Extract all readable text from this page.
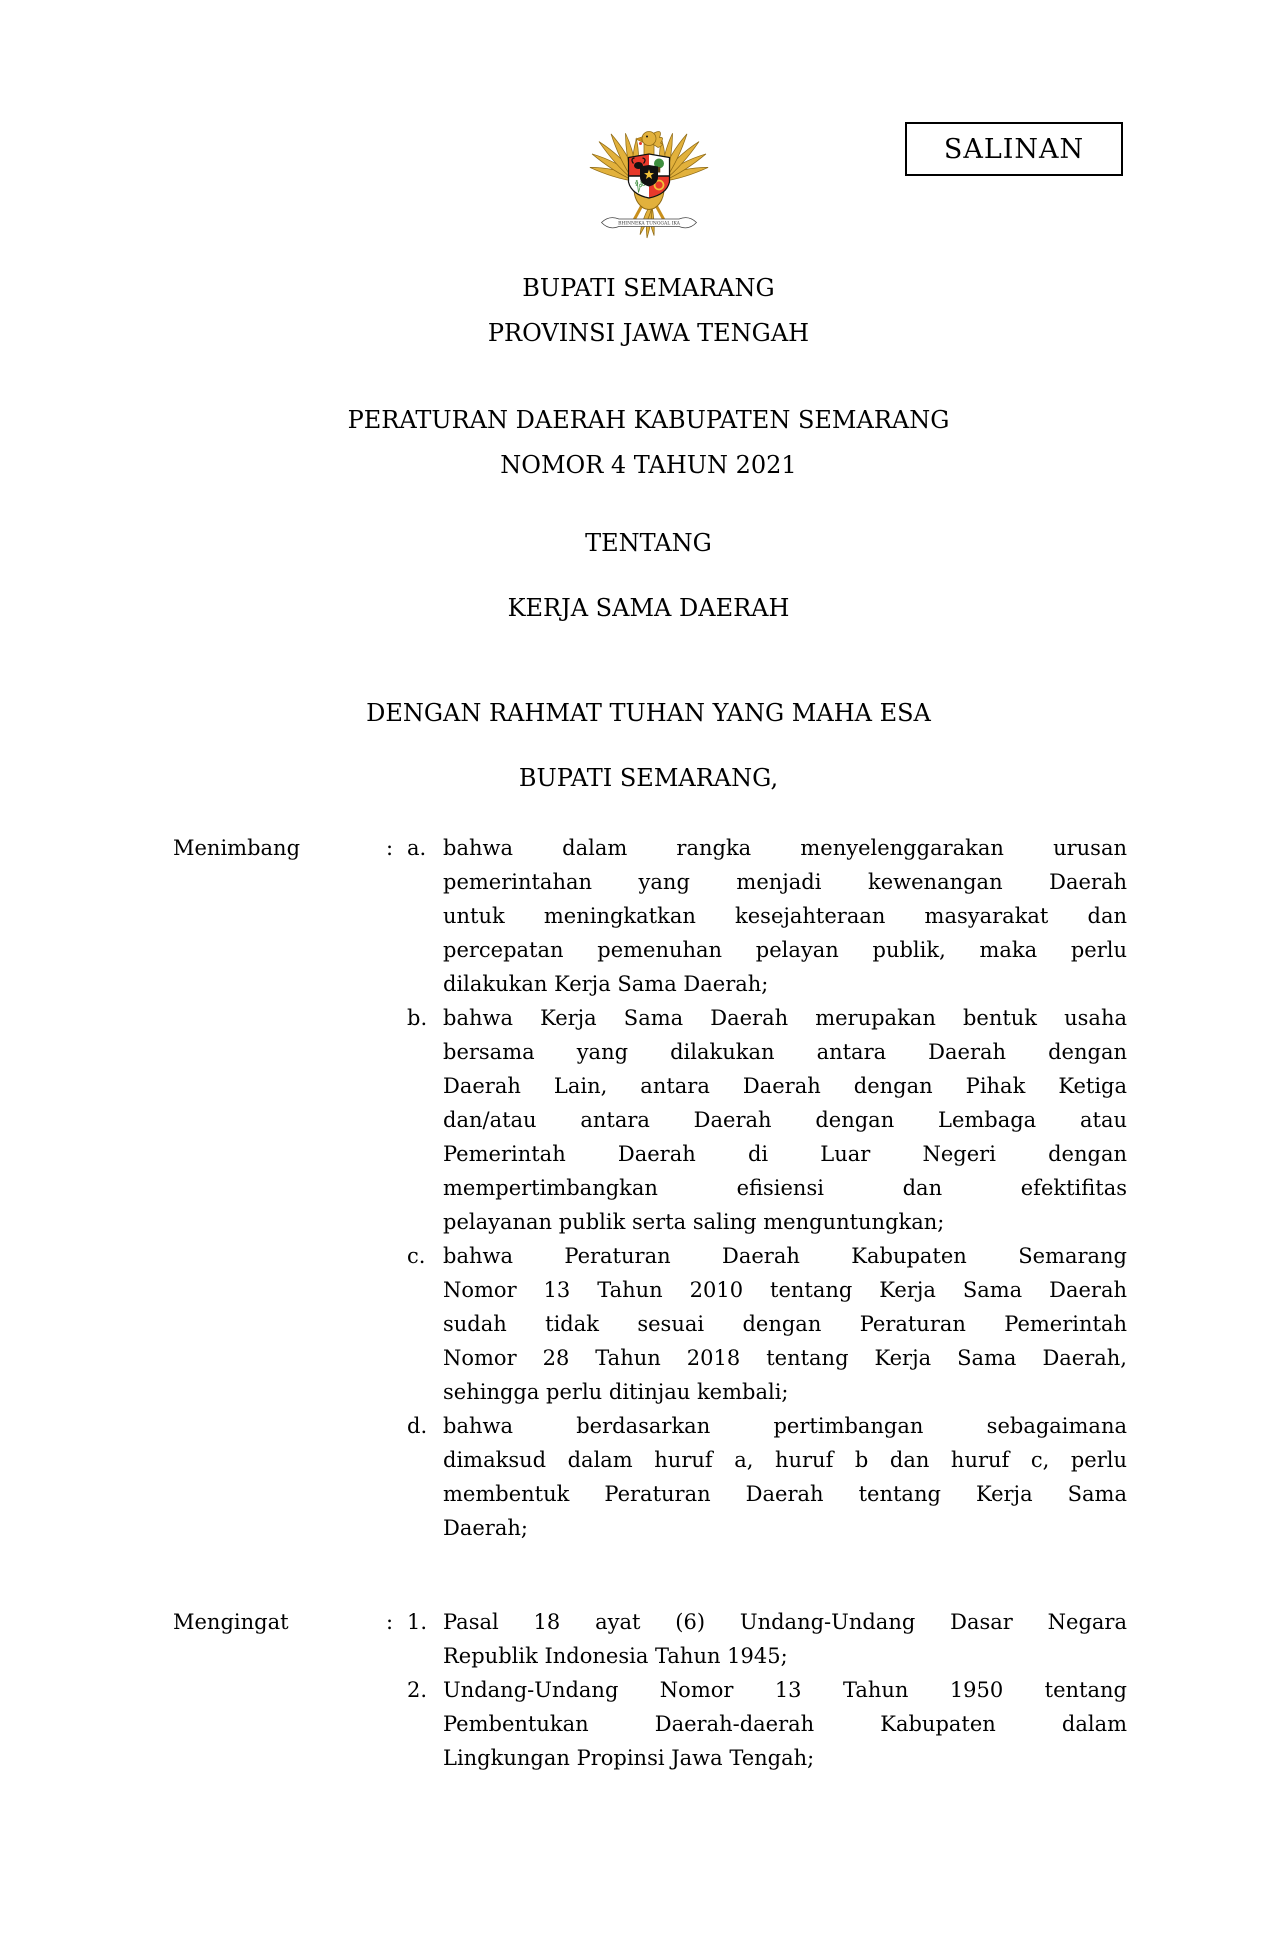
SALINAN
BHINNEKA TUNGGAL IKA
BUPATI SEMARANG
PROVINSI JAWA TENGAH
PERATURAN DAERAH KABUPATEN SEMARANG
NOMOR 4 TAHUN 2021
TENTANG
KERJA SAMA DAERAH
DENGAN RAHMAT TUHAN YANG MAHA ESA
BUPATI SEMARANG,
Menimbang	: a. bahwa dalam rangka menyelenggarakan urusan
pemerintahan yang menjadi kewenangan Daerah
untuk meningkatkan kesejahteraan masyarakat dan
percepatan pemenuhan pelayan publik, maka perlu
dilakukan Kerja Sama Daerah;
b. bahwa Kerja Sama Daerah merupakan bentuk usaha
bersama yang dilakukan antara Daerah dengan
Daerah Lain, antara Daerah dengan Pihak Ketiga
dan/atau antara Daerah dengan Lembaga atau
Pemerintah Daerah di Luar Negeri dengan
mempertimbangkan efisiensi dan efektifitas
pelayanan publik serta saling menguntungkan;
c. bahwa Peraturan Daerah Kabupaten Semarang
Nomor 13 Tahun 2010 tentang Kerja Sama Daerah
sudah tidak sesuai dengan Peraturan Pemerintah
Nomor 28 Tahun 2018 tentang Kerja Sama Daerah,
sehingga perlu ditinjau kembali;
d. bahwa berdasarkan pertimbangan sebagaimana
dimaksud dalam huruf a, huruf b dan huruf c, perlu
membentuk Peraturan Daerah tentang Kerja Sama
Daerah;
Mengingat	: 1. Pasal 18 ayat (6) Undang-Undang Dasar Negara
Republik Indonesia Tahun 1945;
2. Undang-Undang Nomor 13 Tahun 1950 tentang
Pembentukan Daerah-daerah Kabupaten dalam
Lingkungan Propinsi Jawa Tengah;
